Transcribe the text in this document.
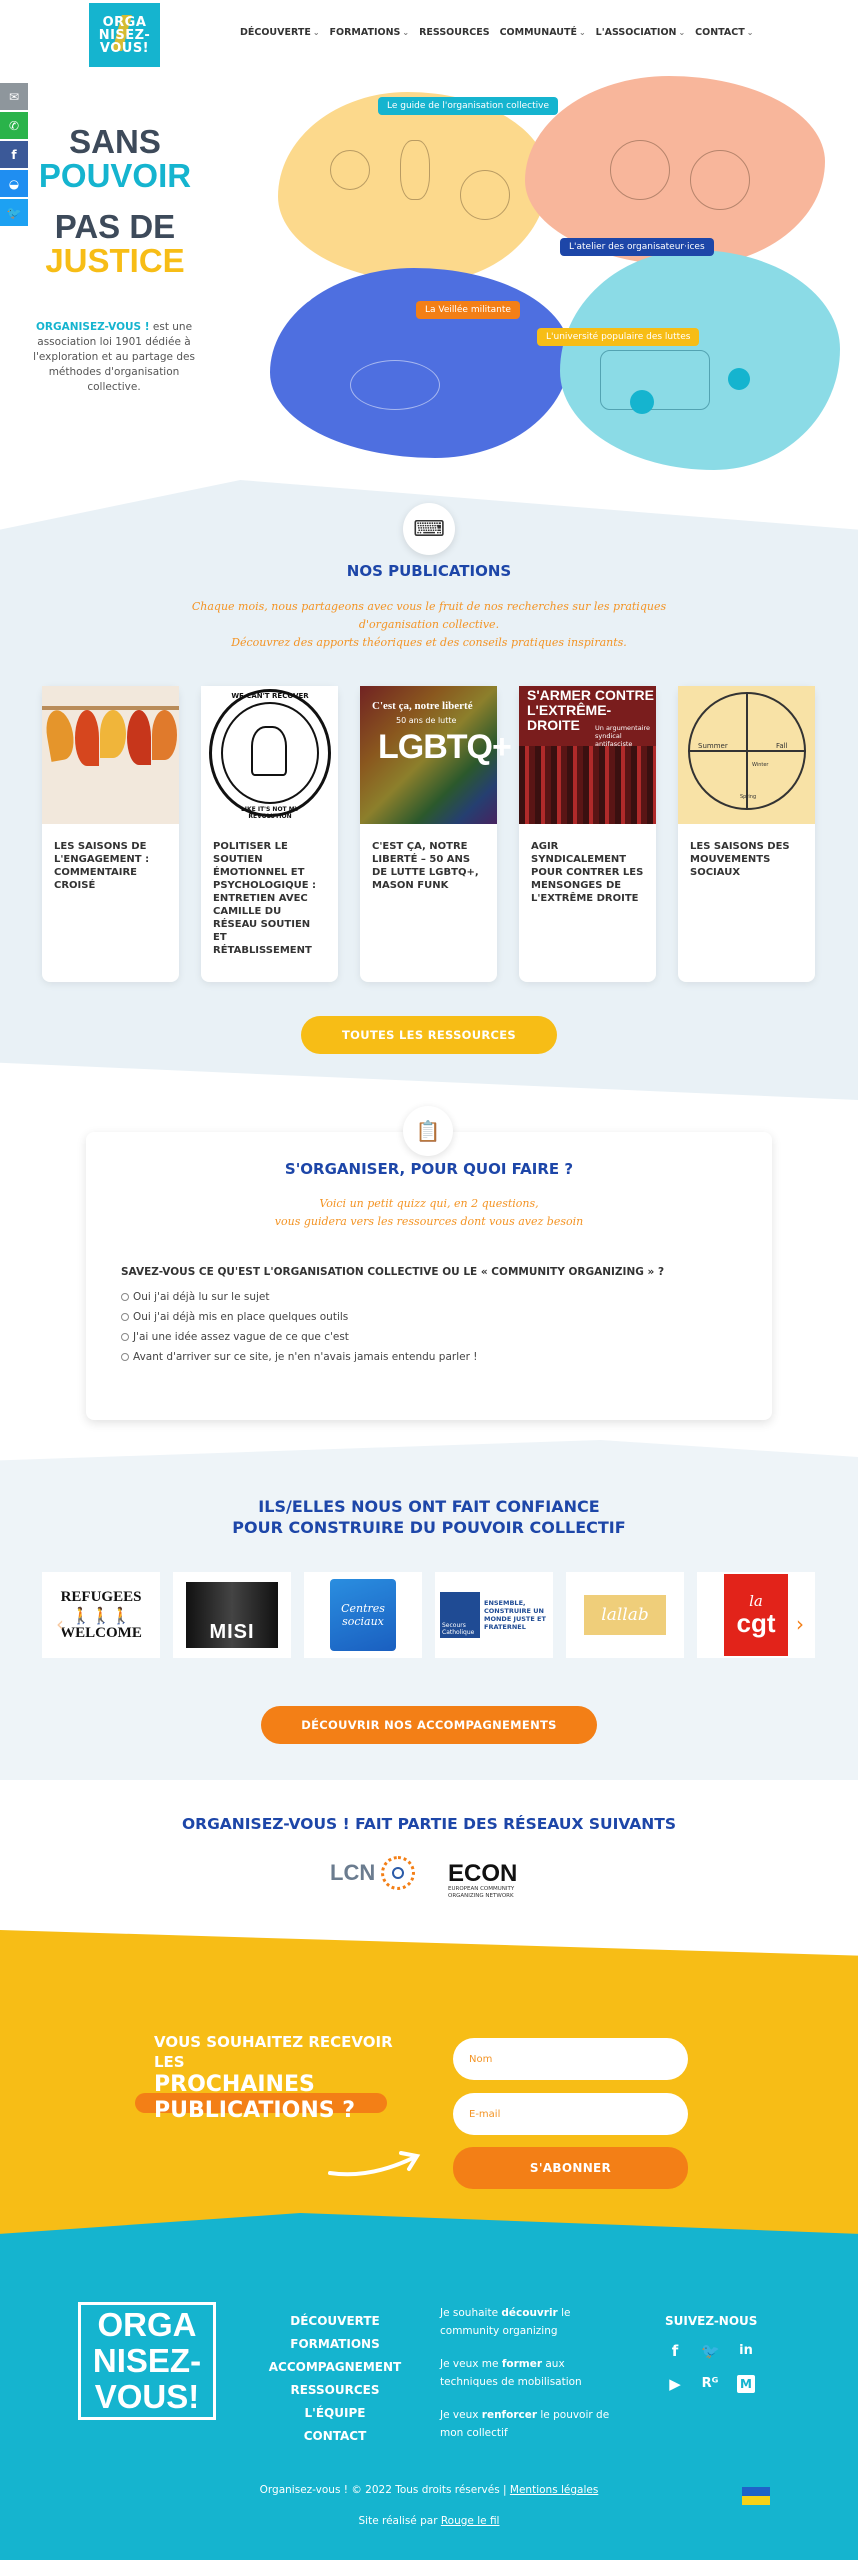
ORGA
NISEZ-
VOUS!
DÉCOUVERTE ⌄ FORMATIONS ⌄ RESSOURCES COMMUNAUTÉ ⌄ L'ASSOCIATION ⌄ CONTACT ⌄
✉
✆
f
◒
🐦
SANS
POUVOIR
PAS DE
JUSTICE
ORGANISEZ-VOUS ! est une association loi 1901 dédiée à l'exploration et au partage des méthodes d'organisation collective.
Le guide de l'organisation collective
L'atelier des organisateur·ices
La Veillée militante
L'université populaire des luttes
⌨
NOS PUBLICATIONS
Chaque mois, nous partageons avec vous le fruit de nos recherches sur les pratiques d'organisation collective.
Découvrez des apports théoriques et des conseils pratiques inspirants.
LES SAISONS DE L'ENGAGEMENT : COMMENTAIRE CROISÉ
WE CAN'T RECOVER
LIKE IT'S NOT MY REVOLUTION
POLITISER LE SOUTIEN ÉMOTIONNEL ET PSYCHOLOGIQUE : ENTRETIEN AVEC CAMILLE DU RÉSEAU SOUTIEN ET RÉTABLISSEMENT
C'est ça, notre liberté
50 ans de lutte
LGBTQ+
C'EST ÇA, NOTRE LIBERTÉ – 50 ANS DE LUTTE LGBTQ+, MASON FUNK
S'ARMER CONTRE
L'EXTRÊME-DROITE	Un argumentaire syndical antifasciste
AGIR SYNDICALEMENT POUR CONTRER LES MENSONGES DE L'EXTRÊME DROITE
Summer	Fall
Winter
Spring
LES SAISONS DES MOUVEMENTS SOCIAUX
TOUTES LES RESSOURCES
📋
S'ORGANISER, POUR QUOI FAIRE ?
Voici un petit quizz qui, en 2 questions,
vous guidera vers les ressources dont vous avez besoin
SAVEZ-VOUS CE QU'EST L'ORGANISATION COLLECTIVE OU LE « COMMUNITY ORGANIZING » ?
Oui j'ai déjà lu sur le sujet
Oui j'ai déjà mis en place quelques outils
J'ai une idée assez vague de ce que c'est
Avant d'arriver sur ce site, je n'en n'avais jamais entendu parler !
ILS/ELLES NOUS ONT FAIT CONFIANCE
POUR CONSTRUIRE DU POUVOIR COLLECTIF
REFUGEES
🚶🚶🚶
WELCOME	MISI
Centres
sociaux	Secours Catholique
ENSEMBLE, CONSTRUIRE UN MONDE JUSTE ET FRATERNEL
lallab
la
cgt ›
‹
DÉCOUVRIR NOS ACCOMPAGNEMENTS
ORGANISEZ-VOUS ! FAIT PARTIE DES RÉSEAUX SUIVANTS
LCN	ECON
EUROPEAN COMMUNITY ORGANIZING NETWORK
VOUS SOUHAITEZ RECEVOIR
LES
PROCHAINES
PUBLICATIONS ?
Nom
E-mail
S'ABONNER
ORGA
NISEZ-
VOUS!
DÉCOUVERTE
FORMATIONS
ACCOMPAGNEMENT
RESSOURCES
L'ÉQUIPE
CONTACT
Je souhaite découvrir le community organizing
Je veux me former aux techniques de mobilisation
Je veux renforcer le pouvoir de mon collectif
SUIVEZ-NOUS
f	🐦 in
▶ Rᴳ M
Organisez-vous ! © 2022 Tous droits réservés | Mentions légales
Site réalisé par Rouge le fil
